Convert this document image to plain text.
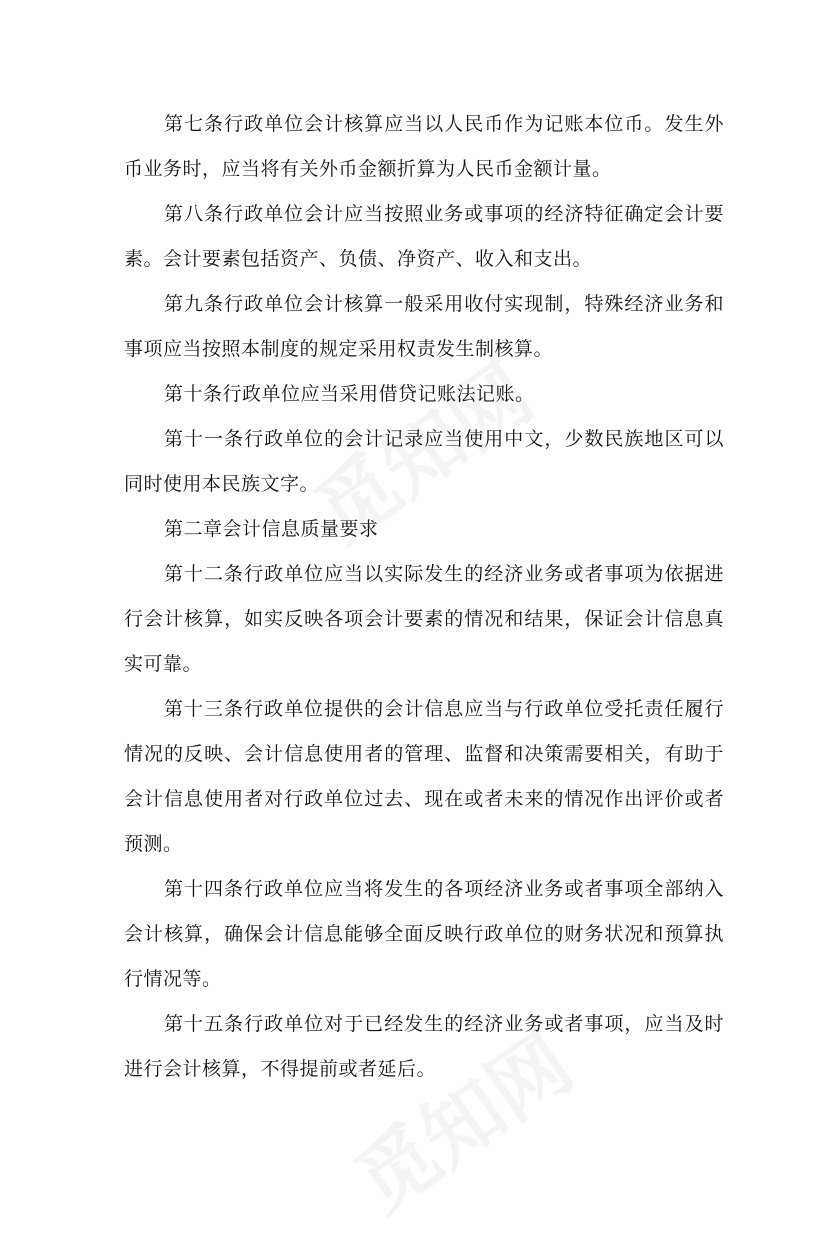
第七条行政单位会计核算应当以人民币作为记账本位币。发生外币业务时，应当将有关外币金额折算为人民币金额计量。

第八条行政单位会计应当按照业务或事项的经济特征确定会计要素。会计要素包括资产、负债、净资产、收入和支出。

第九条行政单位会计核算一般采用收付实现制，特殊经济业务和事项应当按照本制度的规定采用权责发生制核算。

第十条行政单位应当采用借贷记账法记账。

第十一条行政单位的会计记录应当使用中文，少数民族地区可以同时使用本民族文字。

第二章会计信息质量要求

第十二条行政单位应当以实际发生的经济业务或者事项为依据进行会计核算，如实反映各项会计要素的情况和结果，保证会计信息真实可靠。

第十三条行政单位提供的会计信息应当与行政单位受托责任履行情况的反映、会计信息使用者的管理、监督和决策需要相关，有助于会计信息使用者对行政单位过去、现在或者未来的情况作出评价或者预测。

第十四条行政单位应当将发生的各项经济业务或者事项全部纳入会计核算，确保会计信息能够全面反映行政单位的财务状况和预算执行情况等。

第十五条行政单位对于已经发生的经济业务或者事项，应当及时进行会计核算，不得提前或者延后。
